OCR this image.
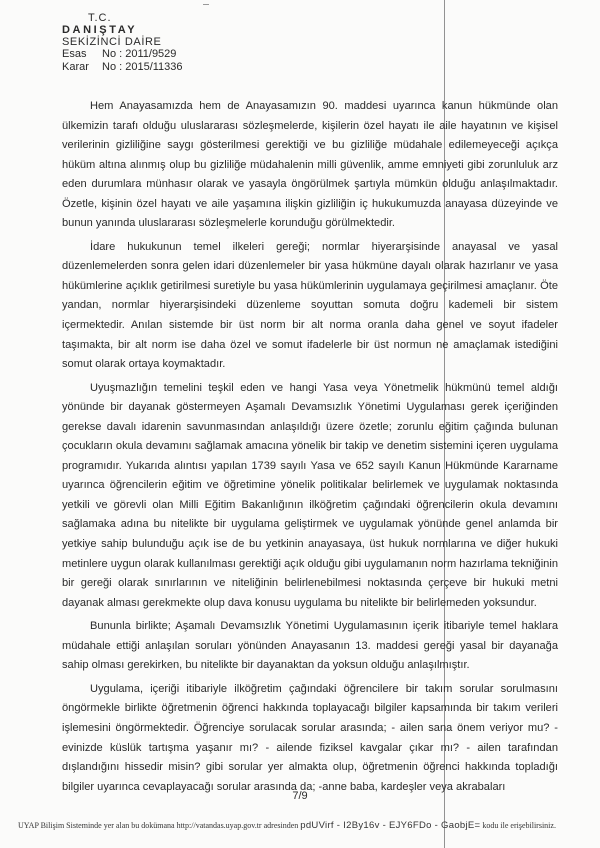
T.C.
DANIŞTAY
SEKİZİNCİ DAİRE
Esas	No : 2011/9529
Karar	No : 2015/11336

Hem Anayasamızda hem de Anayasamızın 90. maddesi uyarınca kanun hükmünde olan ülkemizin tarafı olduğu uluslararası sözleşmelerde, kişilerin özel hayatı ile aile hayatının ve kişisel verilerinin gizliliğine saygı gösterilmesi gerektiği ve bu gizliliğe müdahale edilemeyeceği açıkça hüküm altına alınmış olup bu gizliliğe müdahalenin milli güvenlik, amme emniyeti gibi zorunluluk arz eden durumlara münhasır olarak ve yasayla öngörülmek şartıyla mümkün olduğu anlaşılmaktadır. Özetle, kişinin özel hayatı ve aile yaşamına ilişkin gizliliğin iç hukukumuzda anayasa düzeyinde ve bunun yanında uluslararası sözleşmelerle korunduğu görülmektedir.

İdare hukukunun temel ilkeleri gereği; normlar hiyerarşisinde anayasal ve yasal düzenlemelerden sonra gelen idari düzenlemeler bir yasa hükmüne dayalı olarak hazırlanır ve yasa hükümlerine açıklık getirilmesi suretiyle bu yasa hükümlerinin uygulamaya geçirilmesi amaçlanır. Öte yandan, normlar hiyerarşisindeki düzenleme soyuttan somuta doğru kademeli bir sistem içermektedir. Anılan sistemde bir üst norm bir alt norma oranla daha genel ve soyut ifadeler taşımakta, bir alt norm ise daha özel ve somut ifadelerle bir üst normun ne amaçlamak istediğini somut olarak ortaya koymaktadır.

Uyuşmazlığın temelini teşkil eden ve hangi Yasa veya Yönetmelik hükmünü temel aldığı yönünde bir dayanak göstermeyen Aşamalı Devamsızlık Yönetimi Uygulaması gerek içeriğinden gerekse davalı idarenin savunmasından anlaşıldığı üzere özetle; zorunlu eğitim çağında bulunan çocukların okula devamını sağlamak amacına yönelik bir takip ve denetim sistemini içeren uygulama programıdır. Yukarıda alıntısı yapılan 1739 sayılı Yasa ve 652 sayılı Kanun Hükmünde Kararname uyarınca öğrencilerin eğitim ve öğretimine yönelik politikalar belirlemek ve uygulamak noktasında yetkili ve görevli olan Milli Eğitim Bakanlığının ilköğretim çağındaki öğrencilerin okula devamını sağlamaka adına bu nitelikte bir uygulama geliştirmek ve uygulamak yönünde genel anlamda bir yetkiye sahip bulunduğu açık ise de bu yetkinin anayasaya, üst hukuk normlarına ve diğer hukuki metinlere uygun olarak kullanılması gerektiği açık olduğu gibi uygulamanın norm hazırlama tekniğinin bir gereği olarak sınırlarının ve niteliğinin belirlenebilmesi noktasında çerçeve bir hukuki metni dayanak alması gerekmekte olup dava konusu uygulama bu nitelikte bir belirlemeden yoksundur.

Bununla birlikte; Aşamalı Devamsızlık Yönetimi Uygulamasının içerik itibariyle temel haklara müdahale ettiği anlaşılan soruları yönünden Anayasanın 13. maddesi gereği yasal bir dayanağa sahip olması gerekirken, bu nitelikte bir dayanaktan da yoksun olduğu anlaşılmıştır.

Uygulama, içeriği itibariyle ilköğretim çağındaki öğrencilere bir takım sorular sorulmasını öngörmekle birlikte öğretmenin öğrenci hakkında toplayacağı bilgiler kapsamında bir takım verileri işlemesini öngörmektedir. Öğrenciye sorulacak sorular arasında; - ailen sana önem veriyor mu? - evinizde küslük tartışma yaşanır mı? - ailende fiziksel kavgalar çıkar mı? - ailen tarafından dışlandığını hissedir misin? gibi sorular yer almakta olup, öğretmenin öğrenci hakkında topladığı bilgiler uyarınca cevaplayacağı sorular arasında da; -anne baba, kardeşler veya akrabaları

7/9
UYAP Bilişim Sisteminde yer alan bu dokümana http://vatandas.uyap.gov.tr adresinden pdUVirf - I2By16v - EJY6FDo - GaobjE= kodu ile erişebilirsiniz.
